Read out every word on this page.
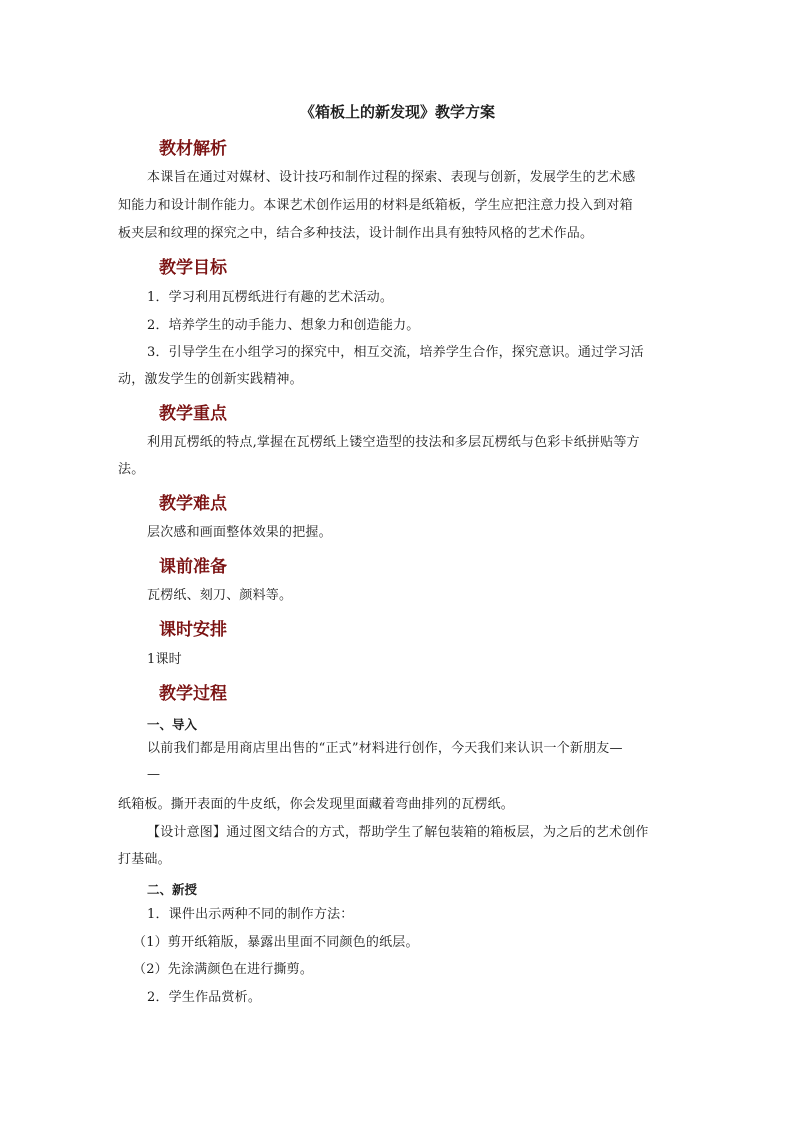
《箱板上的新发现》教学方案
教材解析
本课旨在通过对媒材、设计技巧和制作过程的探索、表现与创新，发展学生的艺术感
知能力和设计制作能力。本课艺术创作运用的材料是纸箱板，学生应把注意力投入到对箱
板夹层和纹理的探究之中，结合多种技法，设计制作出具有独特风格的艺术作品。
教学目标
1．学习利用瓦楞纸进行有趣的艺术活动。
2．培养学生的动手能力、想象力和创造能力。
3．引导学生在小组学习的探究中，相互交流，培养学生合作，探究意识。通过学习活
动，激发学生的创新实践精神。
教学重点
利用瓦楞纸的特点,掌握在瓦楞纸上镂空造型的技法和多层瓦楞纸与色彩卡纸拼贴等方
法。
教学难点
层次感和画面整体效果的把握。
课前准备
瓦楞纸、刻刀、颜料等。
课时安排
1课时
教学过程
一、导入
以前我们都是用商店里出售的“正式”材料进行创作，今天我们来认识一个新朋友—
—
纸箱板。撕开表面的牛皮纸，你会发现里面藏着弯曲排列的瓦楞纸。
【设计意图】通过图文结合的方式，帮助学生了解包装箱的箱板层，为之后的艺术创作
打基础。
二、新授
1．课件出示两种不同的制作方法：
（1）剪开纸箱版，暴露出里面不同颜色的纸层。
（2）先涂满颜色在进行撕剪。
2．学生作品赏析。
